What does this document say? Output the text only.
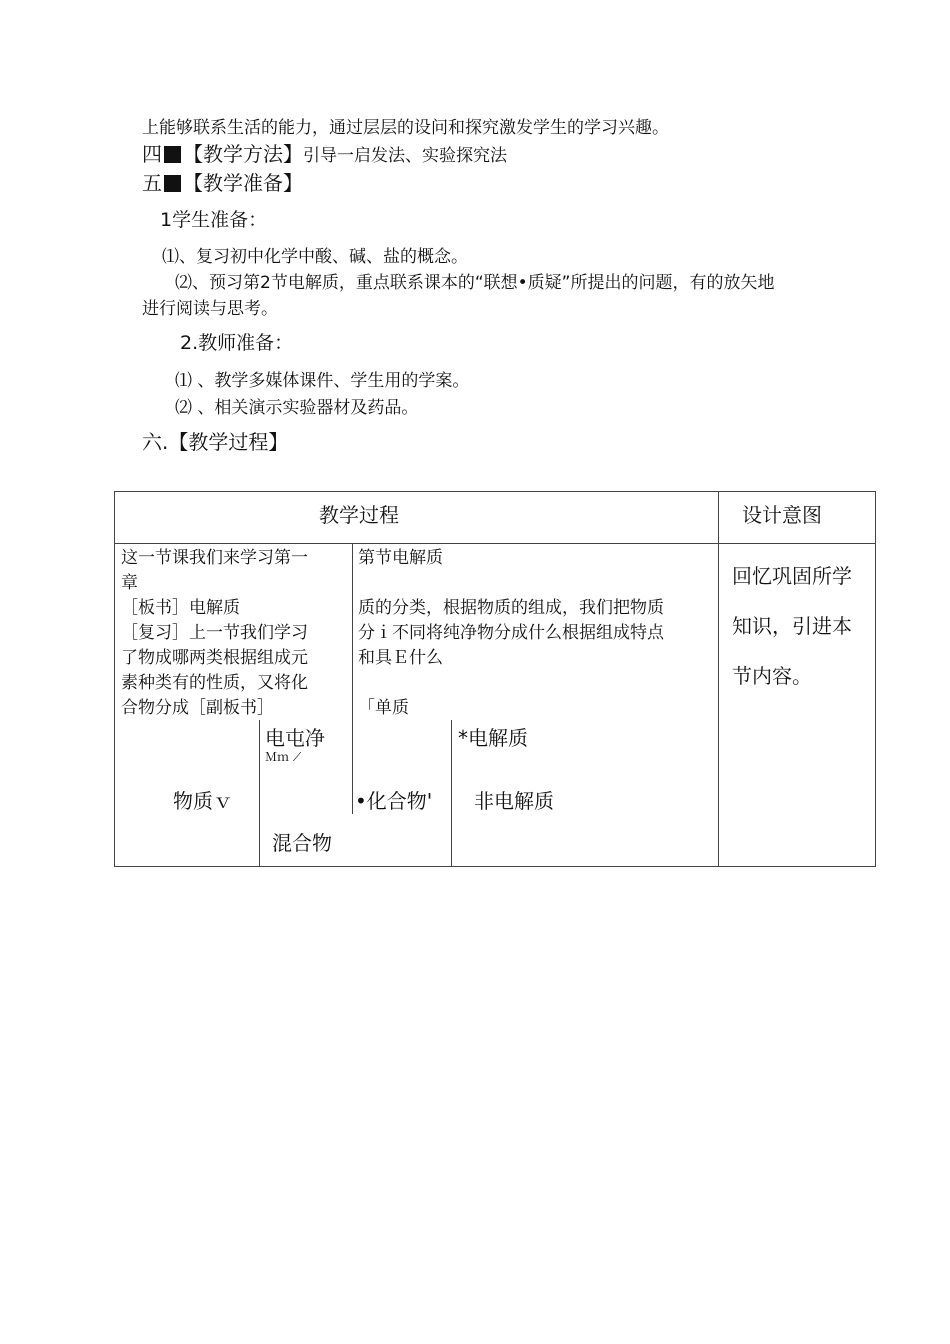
上能够联系生活的能力，通过层层的设问和探究激发学生的学习兴趣。
四 【教学方法】引导一启发法、实验探究法
五 【教学准备】
1学生准备：
⑴、复习初中化学中酸、碱、盐的概念。
⑵、预习第2节电解质，重点联系课本的“联想•质疑”所提出的问题，有的放矢地
进行阅读与思考。
2.教师准备：
⑴ 、教学多媒体课件、学生用的学案。
⑵ 、相关演示实验器材及药品。
六.【教学过程】
教学过程	设计意图
这一节课我们来学习第一
章
［板书］电解质
［复习］上一节我们学习
了物成哪两类根据组成元
素种类有的性质，又将化
合物分成［副板书］
第节电解质
质的分类，根据物质的组成，我们把物质
分ｉ不同将纯净物分成什么根据组成特点
和具Ｅ什么
「单质
电屯净
Ｍｍ ⟋
物质ｖ	•化合物'
混合物
*电解质
非电解质
回忆巩固所学
知识，引进本
节内容。
